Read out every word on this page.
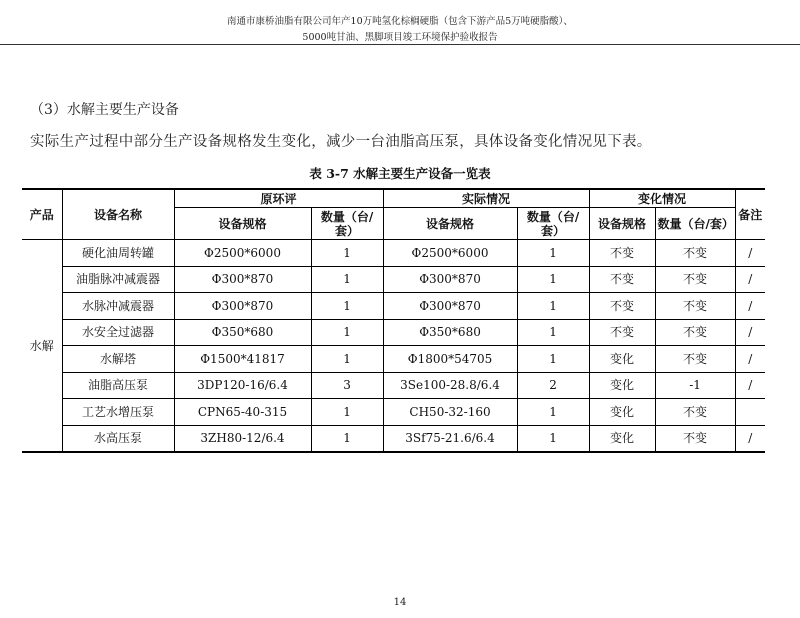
南通市康桥油脂有限公司年产10万吨氢化棕榈硬脂（包含下游产品5万吨硬脂酸）、
5000吨甘油、黑脚项目竣工环境保护验收报告
（3）水解主要生产设备
实际生产过程中部分生产设备规格发生变化，减少一台油脂高压泵，具体设备变化情况见下表。
表 3-7 水解主要生产设备一览表
产品	设备名称	原环评		实际情况		变化情况		备注
		设备规格	数量（台/套）	设备规格	数量（台/套）	设备规格	数量（台/套）	
水解	硬化油周转罐	Φ2500*6000	1	Φ2500*6000	1	不变	不变	/
	油脂脉冲减震器	Φ300*870	1	Φ300*870	1	不变	不变	/
	水脉冲减震器	Φ300*870	1	Φ300*870	1	不变	不变	/
	水安全过滤器	Φ350*680	1	Φ350*680	1	不变	不变	/
	水解塔	Φ1500*41817	1	Φ1800*54705	1	变化	不变	/
	油脂高压泵	3DP120-16/6.4	3	3Se100-28.8/6.4	2	变化	-1	/
	工艺水增压泵	CPN65-40-315	1	CH50-32-160	1	变化	不变	
	水高压泵	3ZH80-12/6.4	1	3Sf75-21.6/6.4	1	变化	不变	/
14
